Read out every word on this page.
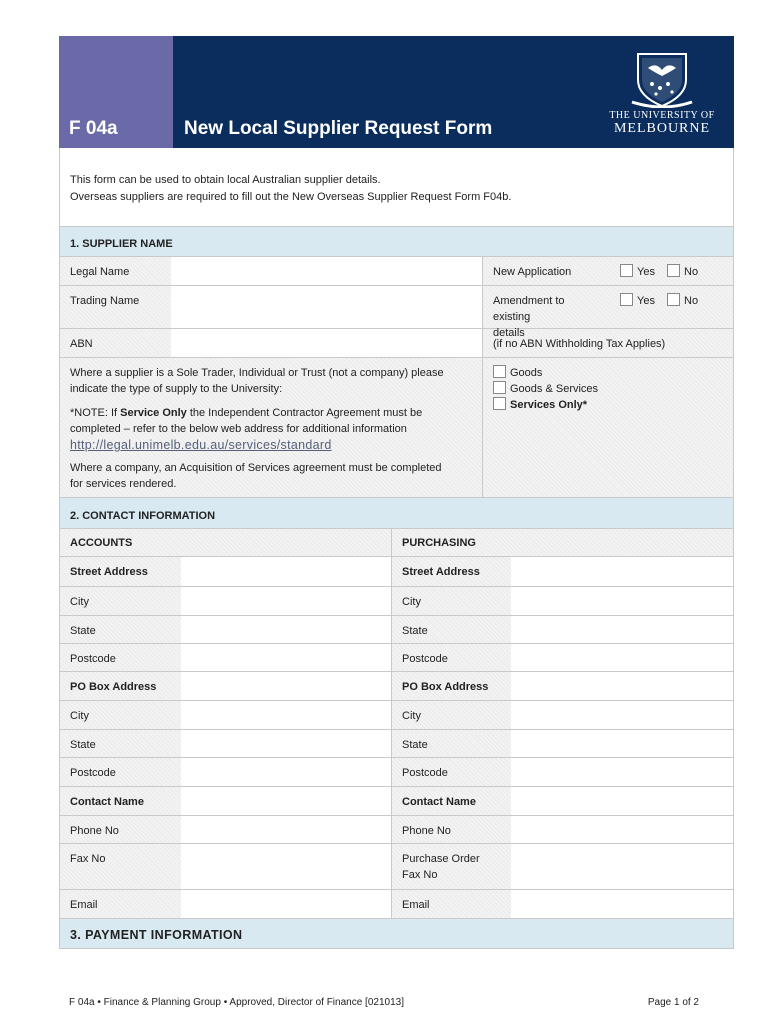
F 04a	New Local Supplier Request Form
THE UNIVERSITY OF
MELBOURNE
This form can be used to obtain local Australian supplier details.
Overseas suppliers are required to fill out the New Overseas Supplier Request Form F04b.
1. SUPPLIER NAME
Legal Name	New Application	Yes	No
Trading Name	Amendment to existing
details
Yes	No
ABN	(if no ABN Withholding Tax Applies)
Where a supplier is a Sole Trader, Individual or Trust (not a company) please
indicate the type of supply to the University:
*NOTE: If Service Only the Independent Contractor Agreement must be
completed – refer to the below web address for additional information
http://legal.unimelb.edu.au/services/standard
Where a company, an Acquisition of Services agreement must be completed
for services rendered.
Goods
Goods & Services
Services Only*
2. CONTACT INFORMATION
ACCOUNTS	PURCHASING
Street Address	Street Address
City	City
State	State
Postcode	Postcode
PO Box Address	PO Box Address
City	City
State	State
Postcode	Postcode
Contact Name	Contact Name
Phone No	Phone No
Fax No	Purchase Order
Fax No
Email	Email
3. PAYMENT INFORMATION
F 04a • Finance & Planning Group • Approved, Director of Finance [021013]	Page 1 of 2
